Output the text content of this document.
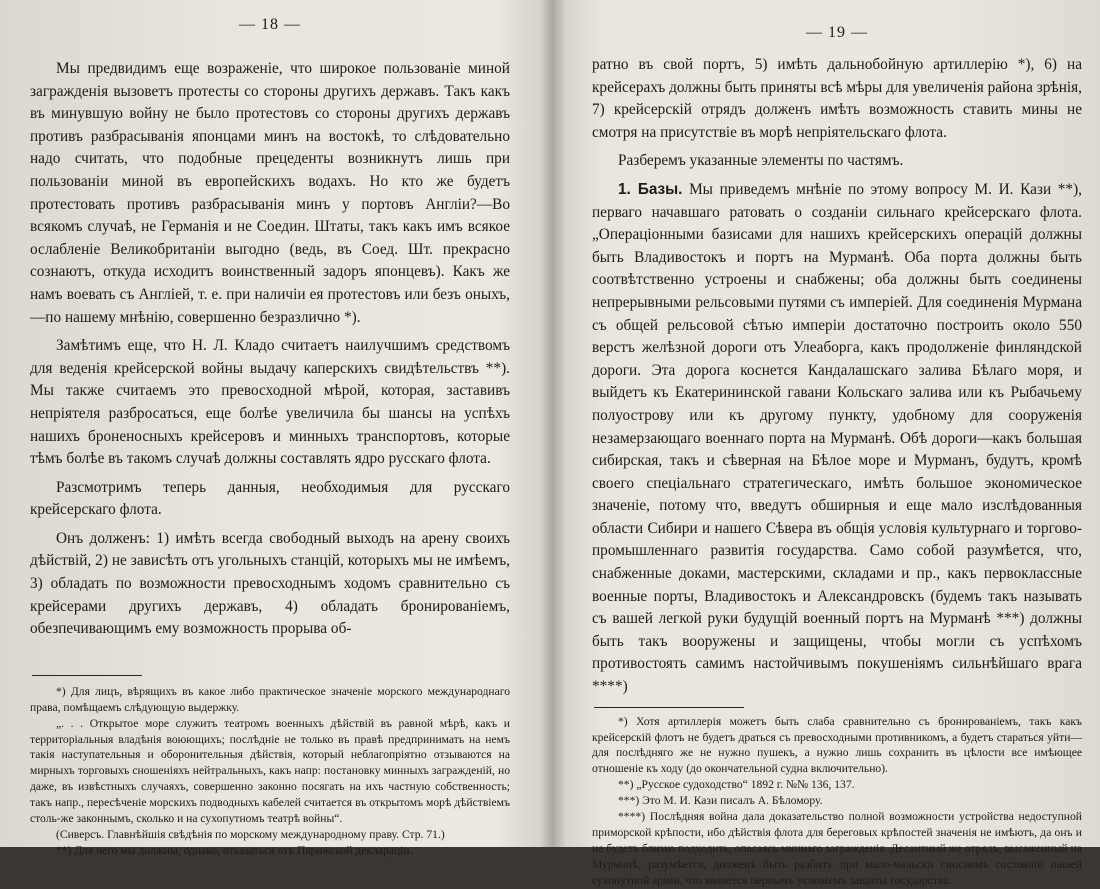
— 18 —

Мы предвидимъ еще возраженіе, что широкое пользованіе миной загражденія вызоветъ протесты со стороны другихъ державъ. Такъ какъ въ минувшую войну не было протестовъ со стороны другихъ державъ противъ разбрасыванія японцами минъ на востокѣ, то слѣдовательно надо считать, что подобные прецеденты возникнутъ лишь при пользованіи миной въ европейскихъ водахъ. Но кто же будетъ протестовать противъ разбрасыванія минъ у портовъ Англіи?—Во всякомъ случаѣ, не Германія и не Соедин. Штаты, такъ какъ имъ всякое ослабленіе Великобританіи выгодно (ведь, въ Соед. Шт. прекрасно сознаютъ, откуда исходитъ воинственный задоръ японцевъ). Какъ же намъ воевать съ Англіей, т. е. при наличіи ея протестовъ или безъ оныхъ,—по нашему мнѣнію, совершенно безразлично *).

Замѣтимъ еще, что Н. Л. Кладо считаетъ наилучшимъ средствомъ для веденія крейсерской войны выдачу каперскихъ свидѣтельствъ **). Мы также считаемъ это превосходной мѣрой, которая, заставивъ непріятеля разбросаться, еще болѣе увеличила бы шансы на успѣхъ нашихъ броненосныхъ крейсеровъ и минныхъ транспортовъ, которые тѣмъ болѣе въ такомъ случаѣ должны составлять ядро русскаго флота.

Разсмотримъ теперь данныя, необходимыя для русскаго крейсерскаго флота.

Онъ долженъ: 1) имѣть всегда свободный выходъ на арену своихъ дѣйствій, 2) не зависѣть отъ угольныхъ станцій, которыхъ мы не имѣемъ, 3) обладать по возможности превосходнымъ ходомъ сравнительно съ крейсерами другихъ державъ, 4) обладать бронированіемъ, обезпечивающимъ ему возможность прорыва об-

*) Для лицъ, вѣрящихъ въ какое либо практическое значеніе морского международнаго права, помѣщаемъ слѣдующую выдержку.

„. . . Открытое море служитъ театромъ военныхъ дѣйствій въ равной мѣрѣ, какъ и территоріальныя владѣнія воюющихъ; послѣдніе не только въ правѣ предпринимать на немъ такія наступательныя и оборонительныя дѣйствія, который неблагопріятно отзываются на мирныхъ торговыхъ сношеніяхъ нейтральныхъ, какъ напр: постановку минныхъ загражденій, но даже, въ извѣстныхъ случаяхъ, совершенно законно посягать на ихъ частную собственность; такъ напр., пересѣченіе морскихъ подводныхъ кабелей считается въ открытомъ морѣ дѣйствіемъ столь-же законнымъ, сколько и на сухопутномъ театрѣ войны“.

(Сиверсъ. Главнѣйшія свѣдѣнія по морскому международному праву. Стр. 71.)

**) Для чего мы должны, однако, отказаться отъ Парижской декларацiи.

— 19 —

ратно въ свой портъ, 5) имѣть дальнобойную артиллерію *), 6) на крейсерахъ должны быть приняты всѣ мѣры для увеличенія района зрѣнія, 7) крейсерскій отрядъ долженъ имѣть возможность ставить мины не смотря на присутствіе въ морѣ непріятельскаго флота.

Разберемъ указанные элементы по частямъ.

1. Базы. Мы приведемъ мнѣніе по этому вопросу М. И. Кази **), перваго начавшаго ратовать о созданіи сильнаго крейсерскаго флота. „Операціонными базисами для нашихъ крейсерскихъ операцій должны быть Владивостокъ и портъ на Мурманѣ. Оба порта должны быть соотвѣтственно устроены и снабжены; оба должны быть соединены непрерывными рельсовыми путями съ имперіей. Для соединенія Мурмана съ общей рельсовой сѣтью имперіи достаточно построить около 550 верстъ желѣзной дороги отъ Улеаборга, какъ продолженіе финляндской дороги. Эта дорога коснется Кандалашскаго залива Бѣлаго моря, и выйдетъ къ Екатерининской гавани Кольскаго залива или къ Рыбачьему полуострову или къ другому пункту, удобному для сооруженія незамерзающаго военнаго порта на Мурманѣ. Обѣ дороги—какъ большая сибирская, такъ и сѣверная на Бѣлое море и Мурманъ, будутъ, кромѣ своего спеціальнаго стратегическаго, имѣть большое экономическое значеніе, потому что, введутъ обширныя и еще мало изслѣдованныя области Сибири и нашего Сѣвера въ общія условія культурнаго и торгово-промышленнаго развитія государства. Само собой разумѣется, что, снабженные доками, мастерскими, складами и пр., какъ первоклассные военные порты, Владивостокъ и Александровскъ (будемъ такъ называть съ вашей легкой руки будущій военный портъ на Мурманѣ ***) должны быть такъ вооружены и защищены, чтобы могли съ успѣхомъ противостоять самимъ настойчивымъ покушеніямъ сильнѣйшаго врага ****)

*) Хотя артиллерія можетъ быть слаба сравнительно съ бронированіемъ, такъ какъ крейсерскій флотъ не будетъ драться съ превосходными противникомъ, а будетъ стараться уйти—для послѣдняго же не нужно пушекъ, а нужно лишь сохранить въ цѣлости все имѣющее отношеніе къ ходу (до окончательной судна включительно).

**) „Русское судоходство“ 1892 г. №№ 136, 137.

***) Это М. И. Кази писалъ А. Бѣломору.

****) Послѣдняя война дала доказательство полной возможности устройства недоступной приморской крѣпости, ибо дѣйствія флота для береговых крѣпостей значенія не имѣютъ, да онъ и не будетъ близко подходить, опасаясь миннаго загражденія. Десантный же отрядъ, высаженный на Мурманѣ, разумѣется, долженъ быть разбитъ при мало-мальски сносномъ состояніи нашей сухопутной арміи, что является первымъ условіемъ защиты государства.
